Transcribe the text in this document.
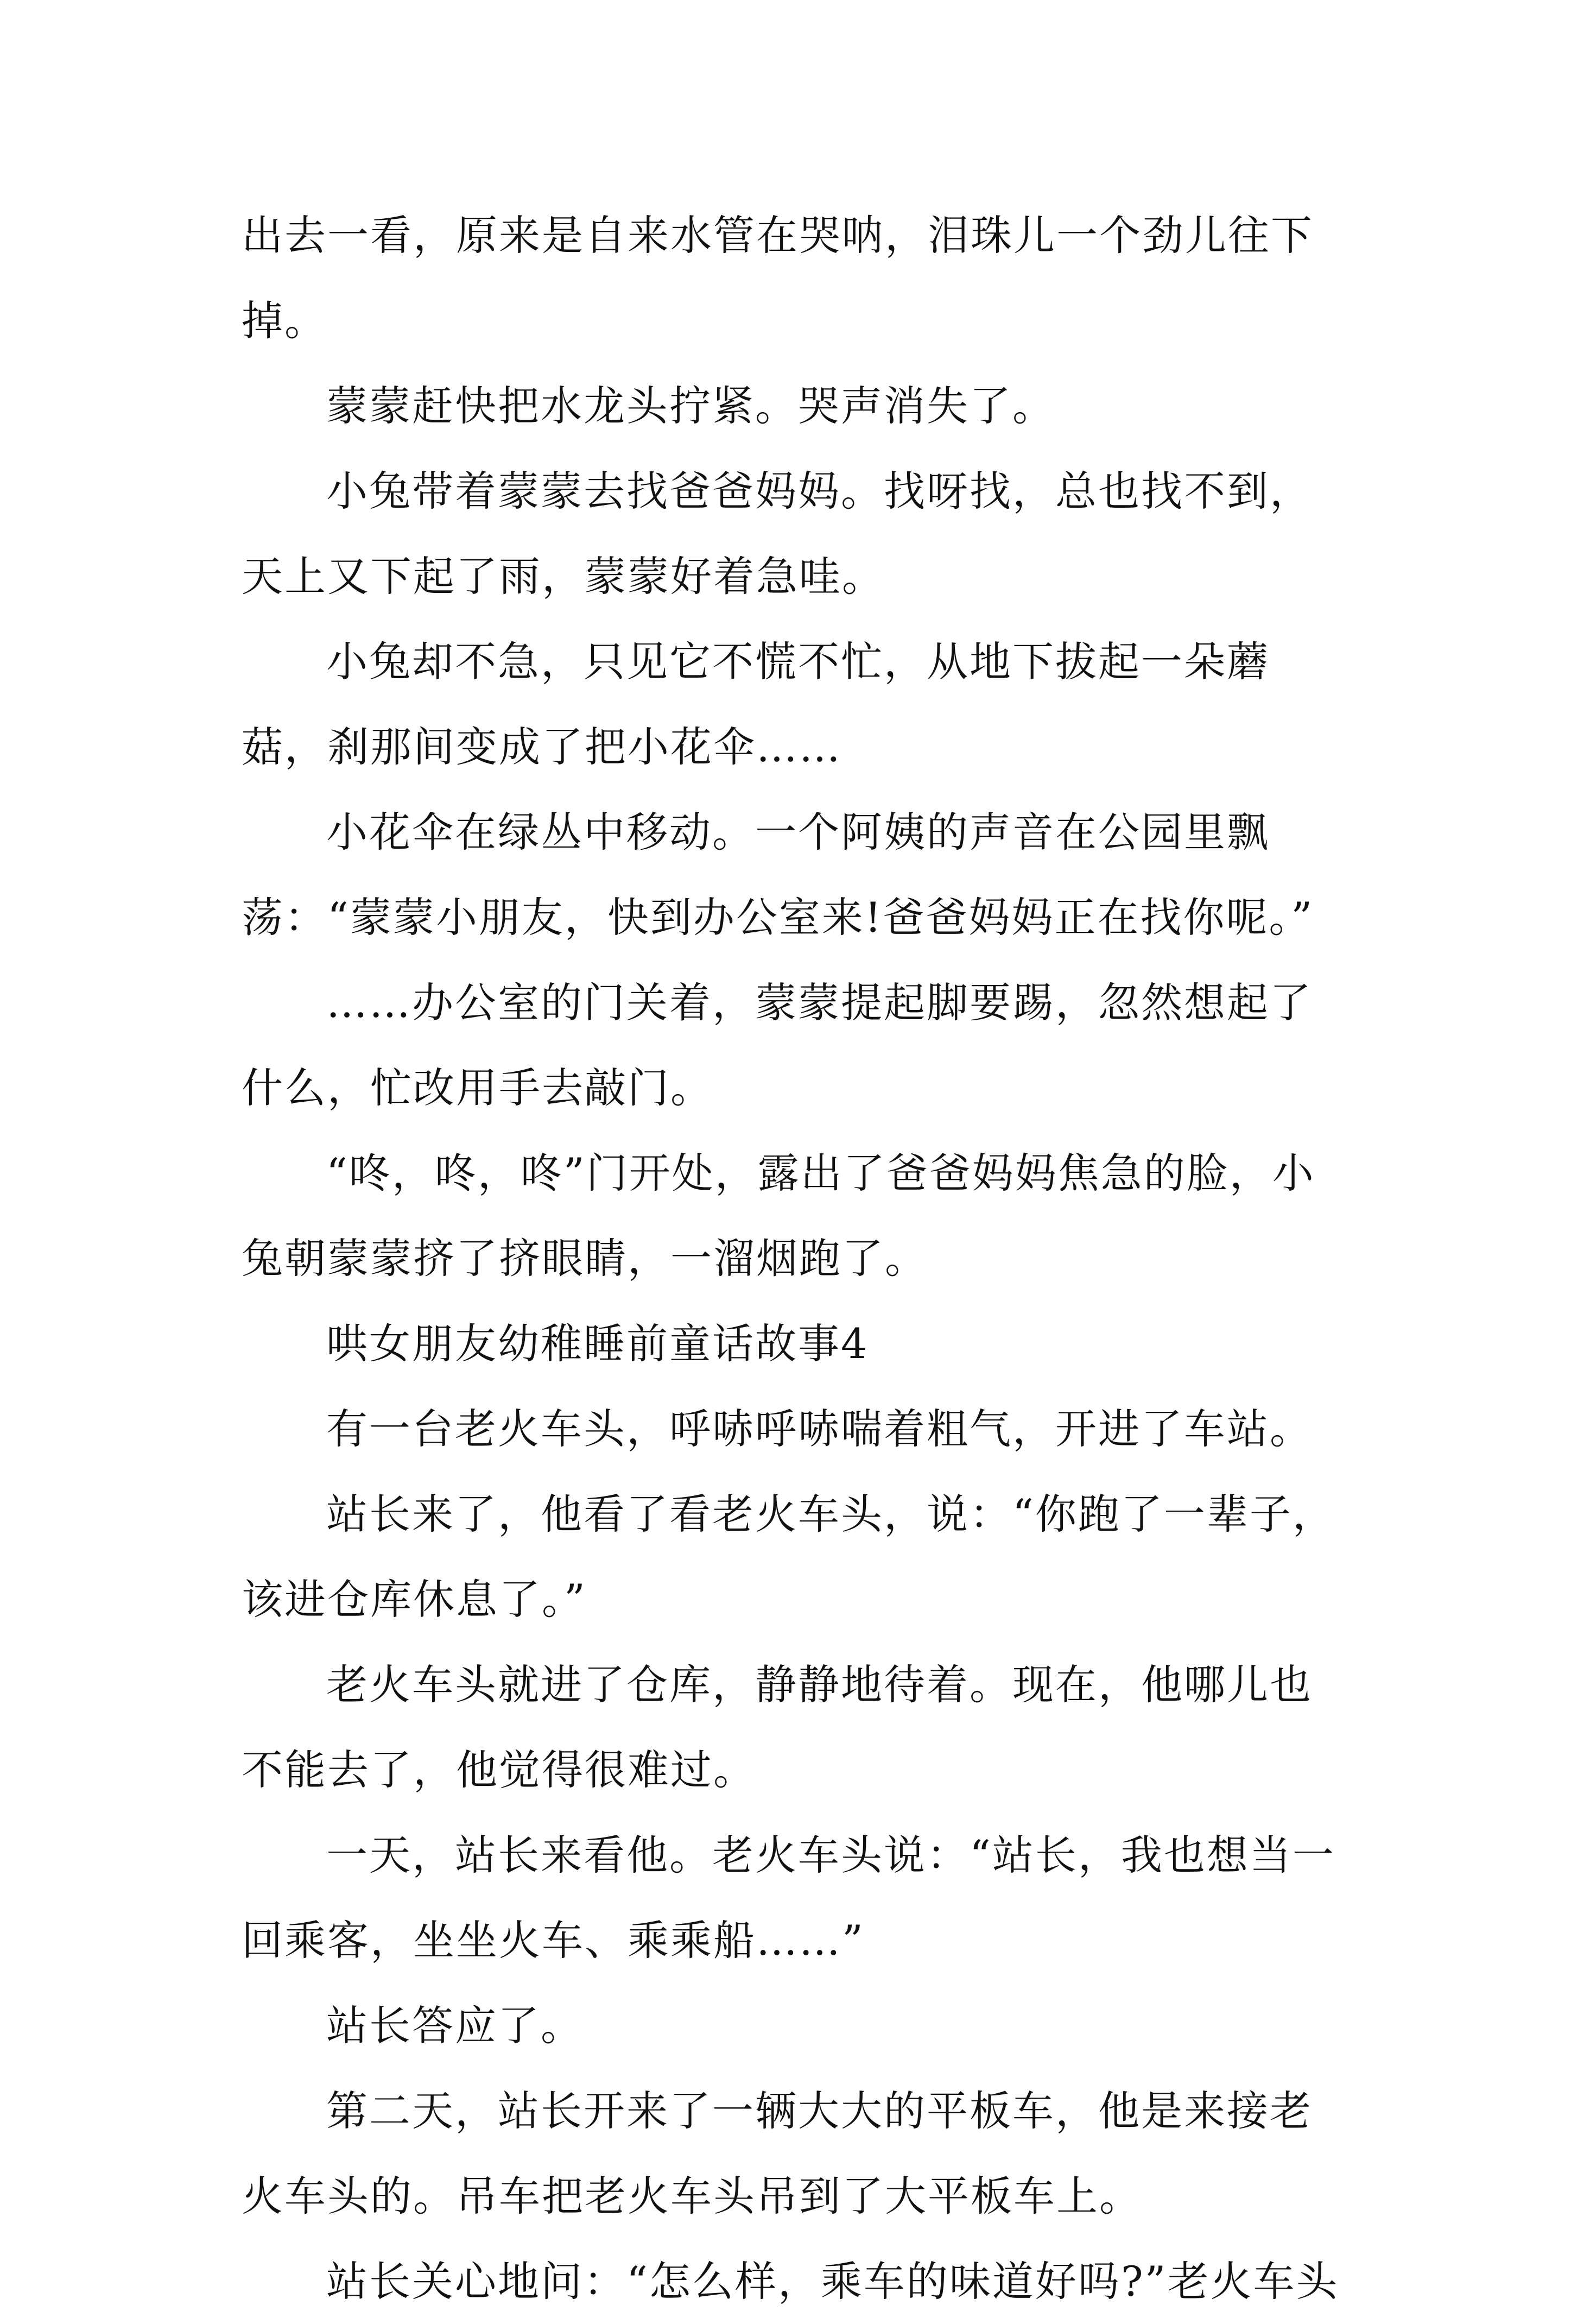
出去一看，原来是自来水管在哭呐，泪珠儿一个劲儿往下掉。

蒙蒙赶快把水龙头拧紧。哭声消失了。

小兔带着蒙蒙去找爸爸妈妈。找呀找，总也找不到，天上又下起了雨，蒙蒙好着急哇。

小兔却不急，只见它不慌不忙，从地下拔起一朵蘑菇，刹那间变成了把小花伞……

小花伞在绿丛中移动。一个阿姨的声音在公园里飘荡：“蒙蒙小朋友，快到办公室来!爸爸妈妈正在找你呢。”

……办公室的门关着，蒙蒙提起脚要踢，忽然想起了什么，忙改用手去敲门。

“咚，咚，咚”门开处，露出了爸爸妈妈焦急的脸，小兔朝蒙蒙挤了挤眼睛，一溜烟跑了。

哄女朋友幼稚睡前童话故事4

有一台老火车头，呼哧呼哧喘着粗气，开进了车站。

站长来了，他看了看老火车头，说：“你跑了一辈子，该进仓库休息了。”

老火车头就进了仓库，静静地待着。现在，他哪儿也不能去了，他觉得很难过。

一天，站长来看他。老火车头说：“站长，我也想当一回乘客，坐坐火车、乘乘船……”

站长答应了。

第二天，站长开来了一辆大大的平板车，他是来接老火车头的。吊车把老火车头吊到了大平板车上。

站长关心地问：“怎么样，乘车的味道好吗?”老火车头
